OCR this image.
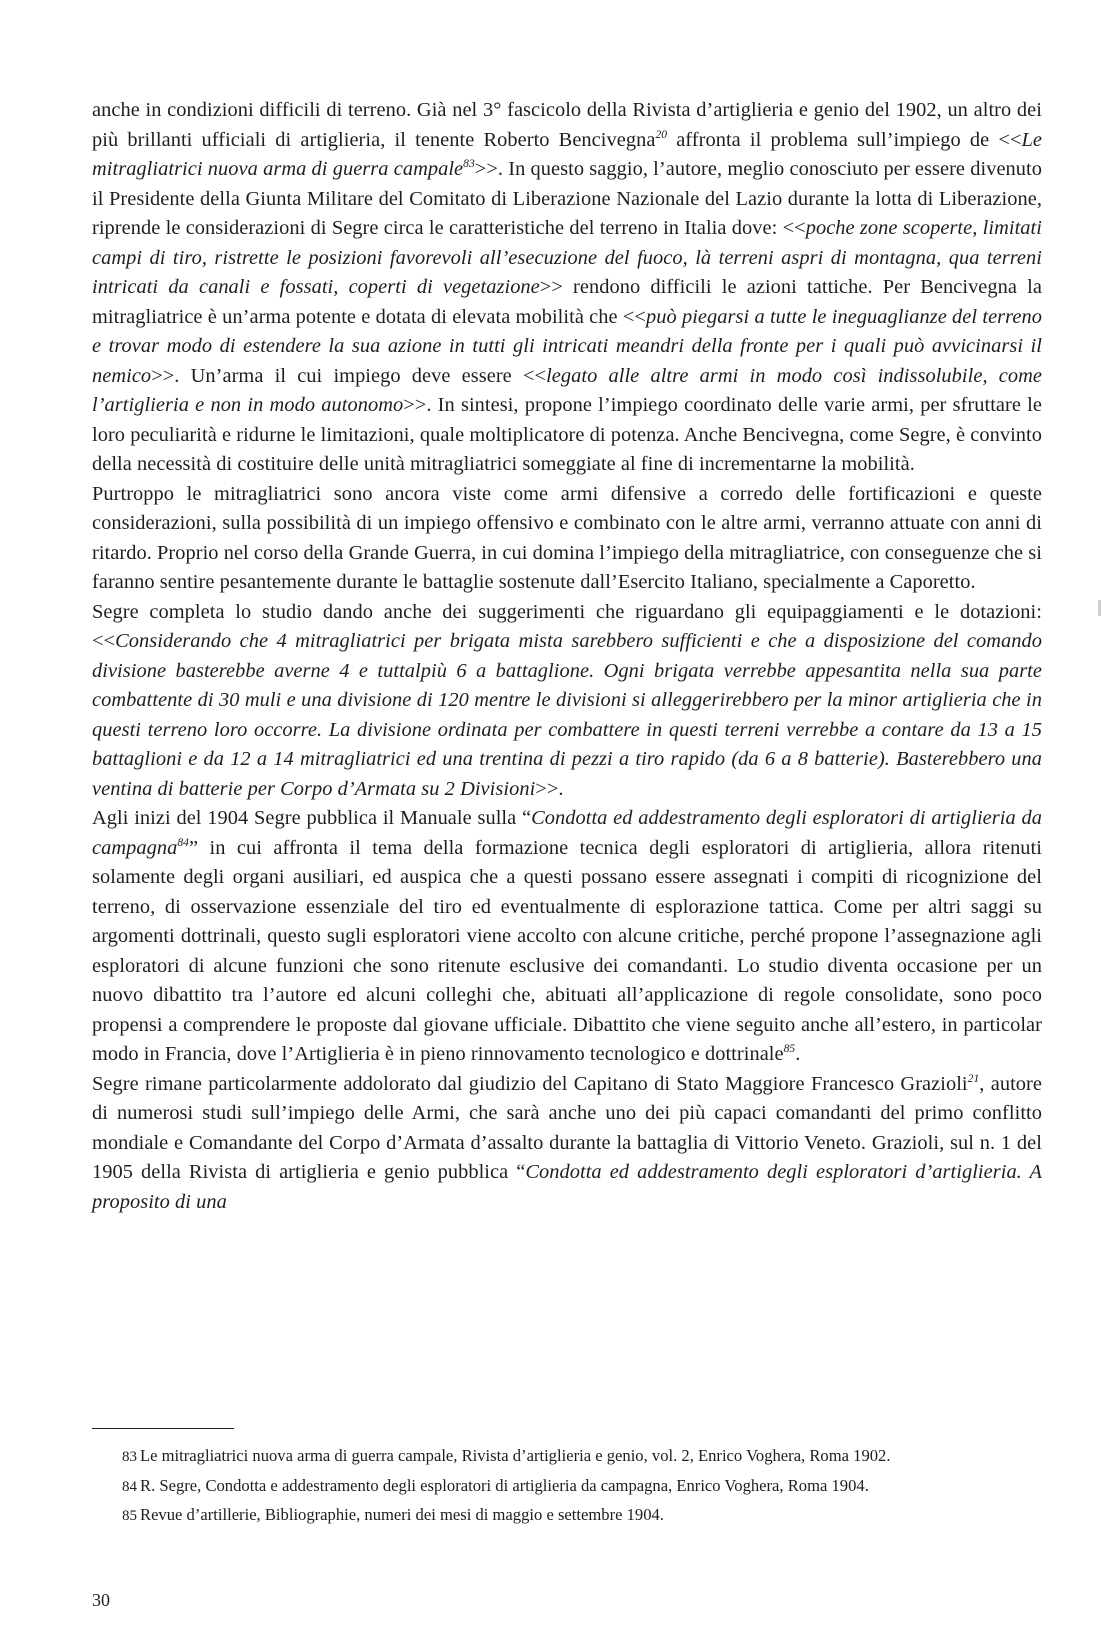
anche in condizioni difficili di terreno. Già nel 3° fascicolo della Rivista d’artiglieria e genio del 1902, un altro dei più brillanti ufficiali di artiglieria, il tenente Roberto Bencivegna$^{20}$ affronta il problema sull’impiego de <<Le mitragliatrici nuova arma di guerra campale$^{83}$>>. In questo saggio, l’autore, meglio conosciuto per essere divenuto il Presidente della Giunta Militare del Comitato di Liberazione Nazionale del Lazio durante la lotta di Liberazione, riprende le considerazioni di Segre circa le caratteristiche del terreno in Italia dove: <<poche zone scoperte, limitati campi di tiro, ristrette le posizioni favorevoli all’esecuzione del fuoco, là terreni aspri di montagna, qua terreni intricati da canali e fossati, coperti di vegetazione>> rendono difficili le azioni tattiche. Per Bencivegna la mitragliatrice è un’arma potente e dotata di elevata mobilità che <<può piegarsi a tutte le ineguaglianze del terreno e trovar modo di estendere la sua azione in tutti gli intricati meandri della fronte per i quali può avvicinarsi il nemico>>. Un’arma il cui impiego deve essere <<legato alle altre armi in modo così indissolubile, come l’artiglieria e non in modo autonomo>>. In sintesi, propone l’impiego coordinato delle varie armi, per sfruttare le loro peculiarità e ridurne le limitazioni, quale moltiplicatore di potenza. Anche Bencivegna, come Segre, è convinto della necessità di costituire delle unità mitragliatrici someggiate al fine di incrementarne la mobilità.

Purtroppo le mitragliatrici sono ancora viste come armi difensive a corredo delle fortificazioni e queste considerazioni, sulla possibilità di un impiego offensivo e combinato con le altre armi, verranno attuate con anni di ritardo. Proprio nel corso della Grande Guerra, in cui domina l’impiego della mitragliatrice, con conseguenze che si faranno sentire pesantemente durante le battaglie sostenute dall’Esercito Italiano, specialmente a Caporetto.

Segre completa lo studio dando anche dei suggerimenti che riguardano gli equipaggiamenti e le dotazioni: <<Considerando che 4 mitragliatrici per brigata mista sarebbero sufficienti e che a disposizione del comando divisione basterebbe averne 4 e tuttalpiù 6 a battaglione. Ogni brigata verrebbe appesantita nella sua parte combattente di 30 muli e una divisione di 120 mentre le divisioni si alleggerirebbero per la minor artiglieria che in questi terreno loro occorre. La divisione ordinata per combattere in questi terreni verrebbe a contare da 13 a 15 battaglioni e da 12 a 14 mitragliatrici ed una trentina di pezzi a tiro rapido (da 6 a 8 batterie). Basterebbero una ventina di batterie per Corpo d’Armata su 2 Divisioni>>.

Agli inizi del 1904 Segre pubblica il Manuale sulla “Condotta ed addestramento degli esploratori di artiglieria da campagna$^{84}$” in cui affronta il tema della formazione tecnica degli esploratori di artiglieria, allora ritenuti solamente degli organi ausiliari, ed auspica che a questi possano essere assegnati i compiti di ricognizione del terreno, di osservazione essenziale del tiro ed eventualmente di esplorazione tattica. Come per altri saggi su argomenti dottrinali, questo sugli esploratori viene accolto con alcune critiche, perché propone l’assegnazione agli esploratori di alcune funzioni che sono ritenute esclusive dei comandanti. Lo studio diventa occasione per un nuovo dibattito tra l’autore ed alcuni colleghi che, abituati all’applicazione di regole consolidate, sono poco propensi a comprendere le proposte dal giovane ufficiale. Dibattito che viene seguito anche all’estero, in particolar modo in Francia, dove l’Artiglieria è in pieno rinnovamento tecnologico e dottrinale$^{85}$.

Segre rimane particolarmente addolorato dal giudizio del Capitano di Stato Maggiore Francesco Grazioli$^{21}$, autore di numerosi studi sull’impiego delle Armi, che sarà anche uno dei più capaci comandanti del primo conflitto mondiale e Comandante del Corpo d’Armata d’assalto durante la battaglia di Vittorio Veneto. Grazioli, sul n. 1 del 1905 della Rivista di artiglieria e genio pubblica “Condotta ed addestramento degli esploratori d’artiglieria. A proposito di una

83 Le mitragliatrici nuova arma di guerra campale, Rivista d’artiglieria e genio, vol. 2, Enrico Voghera, Roma 1902.

84 R. Segre, Condotta e addestramento degli esploratori di artiglieria da campagna, Enrico Voghera, Roma 1904.

85 Revue d’artillerie, Bibliographie, numeri dei mesi di maggio e settembre 1904.

30
